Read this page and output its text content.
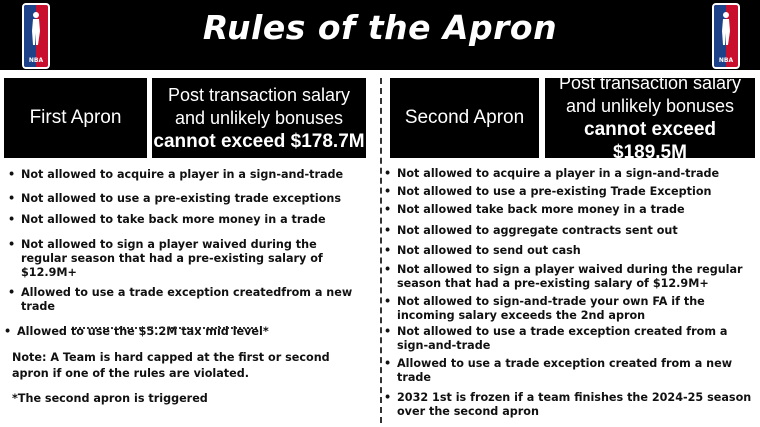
NBA
Rules of the Apron
NBA
First Apron
Post transaction salary
and unlikely bonuses
cannot exceed $178.7M
• Not allowed to acquire a player in a sign-and-trade
• Not allowed to use a pre-existing trade exceptions
• Not allowed to take back more money in a trade
• Not allowed to sign a player waived during the regular season that had a pre-existing salary of $12.9M+
• Allowed to use a trade exception createdfrom a new trade
• Allowed to use the $5.2M tax mid level*
Note: A Team is hard capped at the first or second apron if one of the rules are violated.
*The second apron is triggered
Second Apron
Post transaction salary
and unlikely bonuses
cannot exceed $189.5M
• Not allowed to acquire a player in a sign-and-trade
• Not allowed to use a pre-existing Trade Exception
• Not allowed take back more money in a trade
• Not allowed to aggregate contracts sent out
• Not allowed to send out cash
• Not allowed to sign a player waived during the regular season that had a pre-existing salary of $12.9M+
• Not allowed to sign-and-trade your own FA if the incoming salary exceeds the 2nd apron
• Not allowed to use a trade exception created from a sign-and-trade
• Allowed to use a trade exception created from a new trade
• 2032 1st is frozen if a team finishes the 2024-25 season over the second apron
